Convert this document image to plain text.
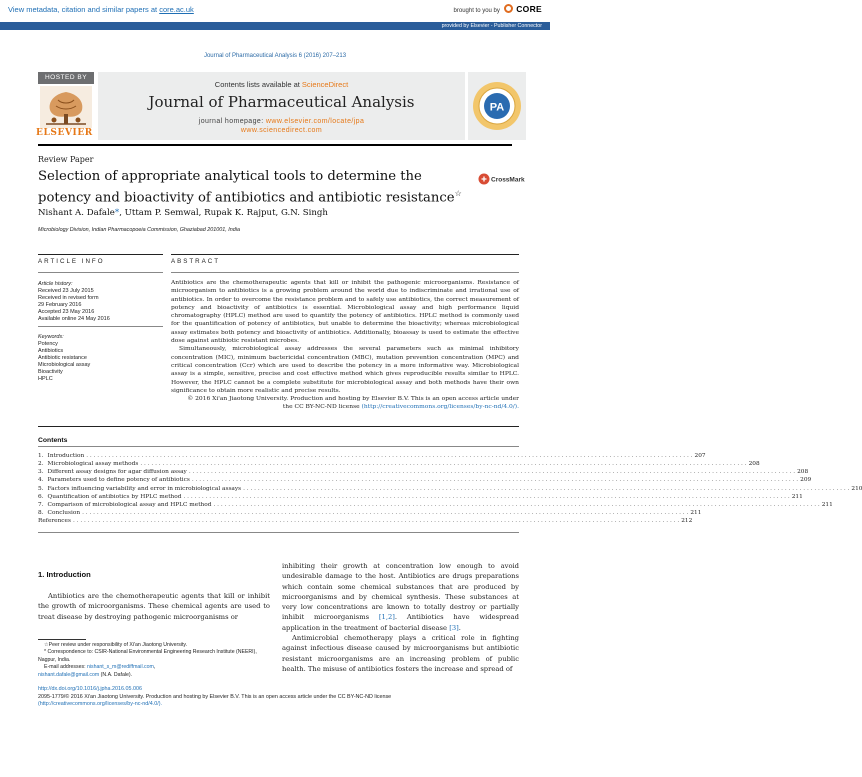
View metadata, citation and similar papers at core.ac.uk	brought to you by CORE
provided by Elsevier - Publisher Connector
Journal of Pharmaceutical Analysis 6 (2016) 207–213
HOSTED BY
ELSEVIER
Contents lists available at ScienceDirect
Journal of Pharmaceutical Analysis
journal homepage: www.elsevier.com/locate/jpa
www.sciencedirect.com
PA
Review Paper
Selection of appropriate analytical tools to determine the potency and bioactivity of antibiotics and antibiotic resistance☆
CrossMark
Nishant A. Dafale*, Uttam P. Semwal, Rupak K. Rajput, G.N. Singh
Microbiology Division, Indian Pharmacopoeia Commission, Ghaziabad 201001, India
ARTICLE INFO	ABSTRACT
Article history:
Received 23 July 2015
Received in revised form
29 February 2016
Accepted 23 May 2016
Available online 24 May 2016
Keywords:
Potency
Antibiotics
Antibiotic resistance
Microbiological assay
Bioactivity
HPLC

Antibiotics are the chemotherapeutic agents that kill or inhibit the pathogenic microorganisms. Resistance of microorganism to antibiotics is a growing problem around the world due to indiscriminate and irrational use of antibiotics. In order to overcome the resistance problem and to safely use antibiotics, the correct measurement of potency and bioactivity of antibiotics is essential. Microbiological assay and high performance liquid chromatography (HPLC) method are used to quantify the potency of antibiotics. HPLC method is commonly used for the quantification of potency of antibiotics, but unable to determine the bioactivity; whereas microbiological assay estimates both potency and bioactivity of antibiotics. Additionally, bioassay is used to estimate the effective dose against antibiotic resistant microbes.

Simultaneously, microbiological assay addresses the several parameters such as minimal inhibitory concentration (MIC), minimum bactericidal concentration (MBC), mutation prevention concentration (MPC) and critical concentration (Ccr) which are used to describe the potency in a more informative way. Microbiological assay is a simple, sensitive, precise and cost effective method which gives reproducible results similar to HPLC. However, the HPLC cannot be a complete substitute for microbiological assay and both methods have their own significance to obtain more realistic and precise results.

© 2016 Xi'an Jiaotong University. Production and hosting by Elsevier B.V. This is an open access article under the CC BY-NC-ND license (http://creativecommons.org/licenses/by-nc-nd/4.0/).

Contents
1. Introduction . . .	207
2. Microbiological assay methods . . .	208
3. Different assay designs for agar diffusion assay . . .	208
4. Parameters used to define potency of antibiotics . . .	209
5. Factors influencing variability and error in microbiological assays . . .	210
6. Quantification of antibiotics by HPLC method . . .	211
7. Comparison of microbiological assay and HPLC method . . .	211
8. Conclusion . . .	211
References . . .	212
1. Introduction
Antibiotics are the chemotherapeutic agents that kill or inhibit the growth of microorganisms. These chemical agents are used to treat disease by destroying pathogenic microorganisms or

inhibiting their growth at concentration low enough to avoid undesirable damage to the host. Antibiotics are drugs preparations which contain some chemical substances that are produced by microorganisms and by chemical synthesis. These substances at very low concentrations are known to totally destroy or partially inhibit microorganisms [1,2]. Antibiotics have widespread application in the treatment of bacterial disease [3].

Antimicrobial chemotherapy plays a critical role in fighting against infectious disease caused by microorganisms but antibiotic resistant microorganisms are an increasing problem of public health. The misuse of antibiotics fosters the increase and spread of

☆Peer review under responsibility of Xi'an Jiaotong University.

* Correspondence to: CSIR-National Environmental Engineering Research Institute (NEERI), Nagpur, India.

E-mail addresses: nishant_s_m@rediffmail.com,

nishant.dafale@gmail.com (N.A. Dafale).
http://dx.doi.org/10.1016/j.jpha.2016.05.006
2095-1779/© 2016 Xi'an Jiaotong University. Production and hosting by Elsevier B.V. This is an open access article under the CC BY-NC-ND license
(http://creativecommons.org/licenses/by-nc-nd/4.0/).
